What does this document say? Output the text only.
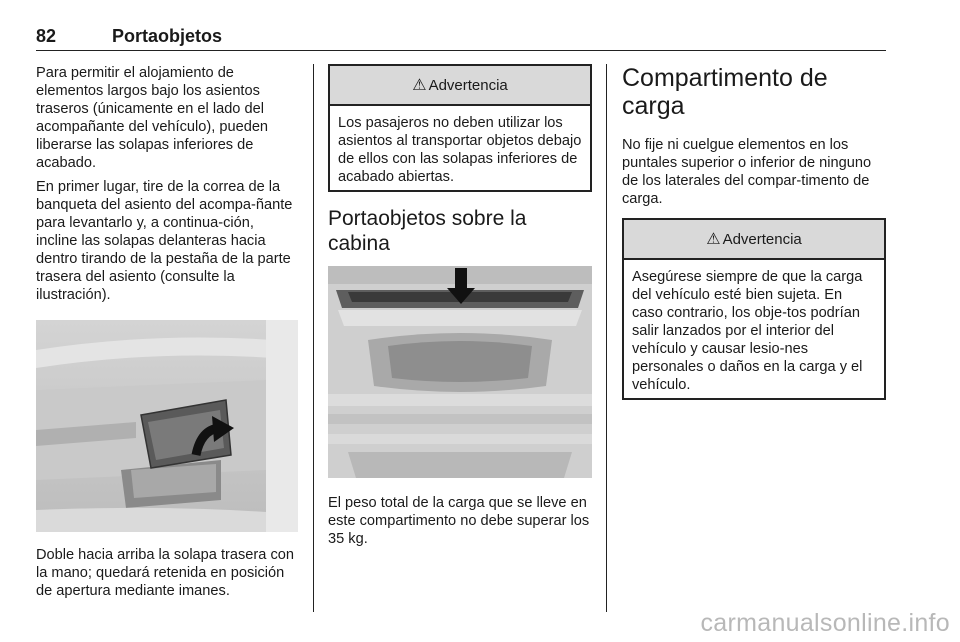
82	Portaobjetos

Para permitir el alojamiento de elementos largos bajo los asientos traseros (únicamente en el lado del acompañante del vehículo), pueden liberarse las solapas inferiores de acabado.

En primer lugar, tire de la correa de la banqueta del asiento del acompa-ñante para levantarlo y, a continua-ción, incline las solapas delanteras hacia dentro tirando de la pestaña de la parte trasera del asiento (consulte la ilustración).

Doble hacia arriba la solapa trasera con la mano; quedará retenida en posición de apertura mediante imanes.

⚠ Advertencia

Los pasajeros no deben utilizar los asientos al transportar objetos debajo de ellos con las solapas inferiores de acabado abiertas.

Portaobjetos sobre la cabina

El peso total de la carga que se lleve en este compartimento no debe superar los 35 kg.

Compartimento de carga

No fije ni cuelgue elementos en los puntales superior o inferior de ninguno de los laterales del compar-timento de carga.

⚠ Advertencia

Asegúrese siempre de que la carga del vehículo esté bien sujeta. En caso contrario, los obje-tos podrían salir lanzados por el interior del vehículo y causar lesio-nes personales o daños en la carga y el vehículo.

carmanualsonline.info
